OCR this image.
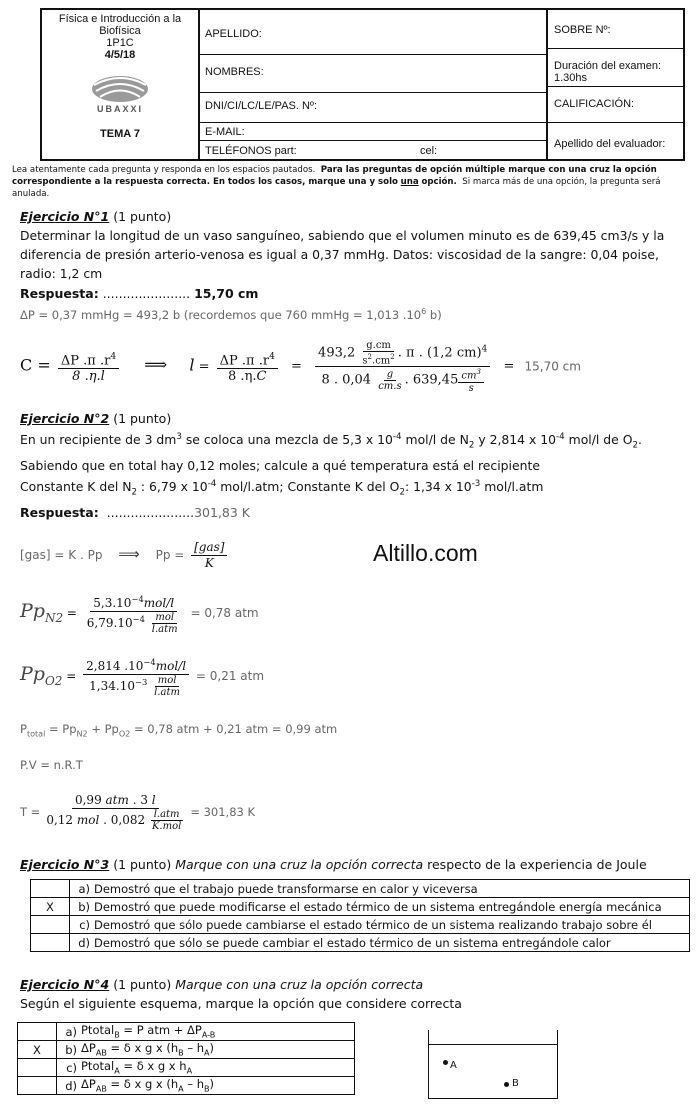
Física e Introducción a la Biofísica
1P1C
4/5/18
UBAXXI
TEMA 7
APELLIDO:
NOMBRES:
DNI/CI/LC/LE/PAS. Nº:
E-MAIL:
TELÉFONOS part:	cel:
SOBRE Nº:
Duración del examen: 1.30hs
CALIFICACIÓN:
Apellido del evaluador:
Lea atentamente cada pregunta y responda en los espacios pautados. Para las preguntas de opción múltiple marque con una cruz la opción correspondiente a la respuesta correcta. En todos los casos, marque una y solo una opción. Si marca más de una opción, la pregunta será anulada.
Ejercicio N°1 (1 punto)
Determinar la longitud de un vaso sanguíneo, sabiendo que el volumen minuto es de 639,45 cm3/s y la diferencia de presión arterio-venosa es igual a 0,37 mmHg. Datos: viscosidad de la sangre: 0,04 poise, radio: 1,2 cm
Respuesta: ...................... 15,70 cm
ΔP = 0,37 mmHg = 493,2 b (recordemos que 760 mmHg = 1,013 $.10^6$ b)
$C = \frac{\Delta P .\pi .r^4}{8 .\eta.l}$ ⟹ $l = \frac{\Delta P .\pi .r^4}{8 .\eta.C}$ =
$493,2 \frac{g.cm}{s^2.cm^2}$ . π . (1,2 cm)$^4$
8 . $0,04 \frac{g}{cm.s}$ . $639,45 \frac{cm^3}{s}$
= 15,70 cm
Ejercicio N°2 (1 punto)
En un recipiente de 3 $dm^3$ se coloca una mezcla de 5,3 x $10^{-4}$ mol/l de $N_2$ y 2,814 x $10^{-4}$ mol/l de $O_2$. Sabiendo que en total hay 0,12 moles; calcule a qué temperatura está el recipiente
Constante K del $N_2$ : 6,79 x $10^{-4}$ mol/l.atm; Constante K del $O_2$: 1,34 x $10^{-3}$ mol/l.atm
Respuesta: ......................301,83 K
[gas] = K . Pp ⟹ Pp =
[gas]
K	Altillo.com
$Pp_{N2}$ =
$5,3.10^{-4}mol/l$
$6,79.10^{-4}$	mol
l.atm
= 0,78 atm
$Pp_{O2}$ =
2,814 $.10^{-4}mol/l$
$1,34.10^{-3}$	mol
l.atm
= 0,21 atm
$P_{total} = Pp_{N2} + Pp_{O2} = 0,78$ atm + 0,21 atm = 0,99 atm
P.V = n.R.T
T =
0,99 atm . 3 l
0,12 mol . 0,082 l.atm
K.mol
= 301,83 K
Ejercicio N°3 (1 punto) Marque con una cruz la opción correcta respecto de la experiencia de Joule
	a)	Demostró que el trabajo puede transformarse en calor y viceversa
X	b)	Demostró que puede modificarse el estado térmico de un sistema entregándole energía mecánica
	c)	Demostró que sólo puede cambiarse el estado térmico de un sistema realizando trabajo sobre él
	d)	Demostró que sólo se puede cambiar el estado térmico de un sistema entregándole calor
Ejercicio N°4 (1 punto) Marque con una cruz la opción correcta
Según el siguiente esquema, marque la opción que considere correcta
	a)	Ptotal$_B$ = P atm + $\Delta P_{A-B}$
X	b)	$\Delta P_{AB} = \delta$ x g x $(h_B - h_A)$
	c)	Ptotal$_A$ = δ x g x $h_A$
	d)	$\Delta P_{AB} = \delta$ x g x $(h_A - h_B)$
A
B
